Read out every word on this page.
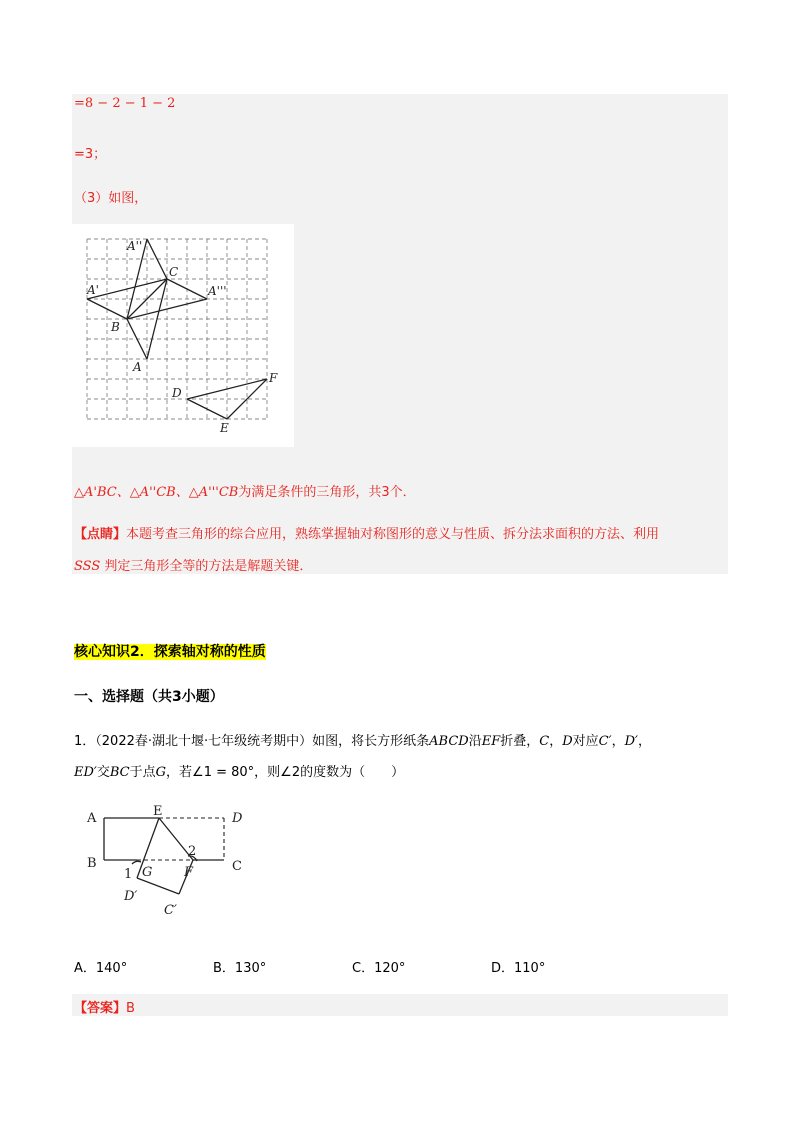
=8 − 2 − 1 − 2
=3；
（3）如图，
A''
C
A'	A'''
B
A
D
F
E
△A'BC、△A''CB、△A'''CB为满足条件的三角形，共3个．
【点睛】本题考查三角形的综合应用，熟练掌握轴对称图形的意义与性质、拆分法求面积的方法、利用
SSS 判定三角形全等的方法是解题关键．
核心知识2．探索轴对称的性质
一、选择题（共3小题）
1．（2022春·湖北十堰·七年级统考期中）如图，将长方形纸条ABCD沿EF折叠，C，D对应C′，D′，
ED′交BC于点G，若∠1 = 80°，则∠2的度数为（　　）
A	E	D
B	C
2
1 G F
D′
C′
A．140°	B．130°	C．120°	D．110°
【答案】B
